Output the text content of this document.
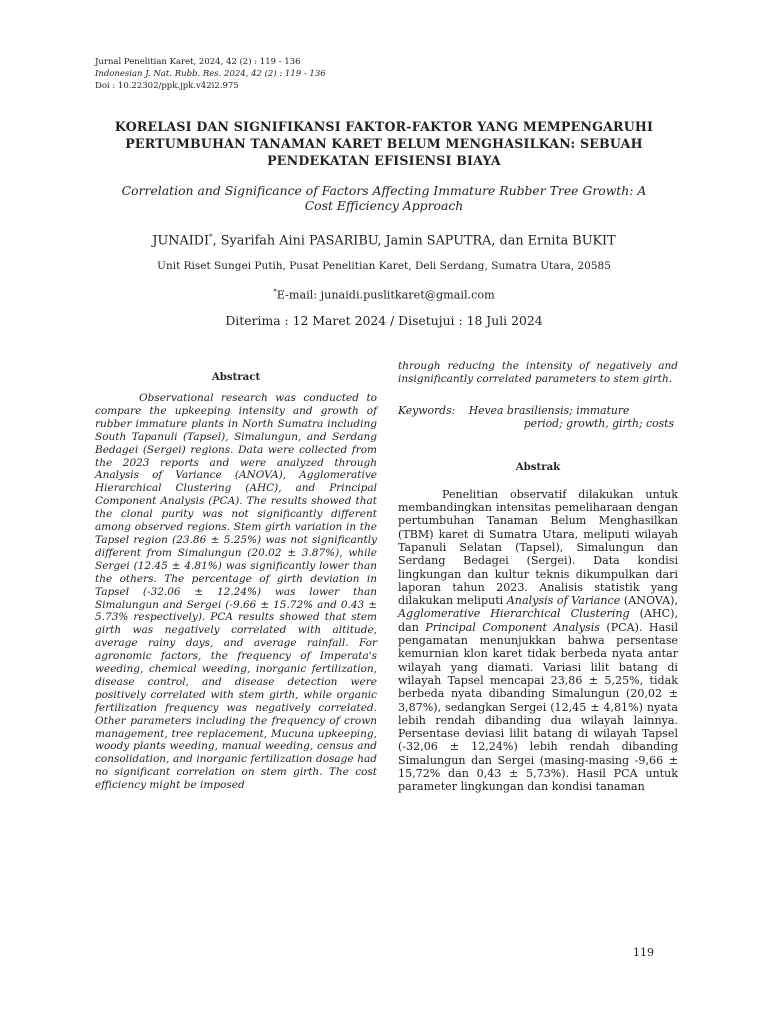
Jurnal Penelitian Karet, 2024, 42 (2) : 119 - 136
Indonesian J. Nat. Rubb. Res. 2024, 42 (2) : 119 - 136
Doi : 10.22302/ppk.jpk.v42i2.975
KORELASI DAN SIGNIFIKANSI FAKTOR-FAKTOR YANG MEMPENGARUHI PERTUMBUHAN TANAMAN KARET BELUM MENGHASILKAN: SEBUAH PENDEKATAN EFISIENSI BIAYA
Correlation and Significance of Factors Affecting Immature Rubber Tree Growth: A Cost Efficiency Approach
JUNAIDI*, Syarifah Aini PASARIBU, Jamin SAPUTRA, dan Ernita BUKIT
Unit Riset Sungei Putih, Pusat Penelitian Karet, Deli Serdang, Sumatra Utara, 20585
*E-mail: junaidi.puslitkaret@gmail.com
Diterima : 12 Maret 2024 / Disetujui : 18 Juli 2024
Abstract

Observational research was conducted to compare the upkeeping intensity and growth of rubber immature plants in North Sumatra including South Tapanuli (Tapsel), Simalungun, and Serdang Bedagei (Sergei) regions. Data were collected from the 2023 reports and were analyzed through Analysis of Variance (ANOVA), Agglomerative Hierarchical Clustering (AHC), and Principal Component Analysis (PCA). The results showed that the clonal purity was not significantly different among observed regions. Stem girth variation in the Tapsel region (23.86 ± 5.25%) was not significantly different from Simalungun (20.02 ± 3.87%), while Sergei (12.45 ± 4.81%) was significantly lower than the others. The percentage of girth deviation in Tapsel (-32.06 ± 12.24%) was lower than Simalungun and Sergei (-9.66 ± 15.72% and 0.43 ± 5.73% respectively). PCA results showed that stem girth was negatively correlated with altitude, average rainy days, and average rainfall. For agronomic factors, the frequency of Imperata's weeding, chemical weeding, inorganic fertilization, disease control, and disease detection were positively correlated with stem girth, while organic fertilization frequency was negatively correlated. Other parameters including the frequency of crown management, tree replacement, Mucuna upkeeping, woody plants weeding, manual weeding, census and consolidation, and inorganic fertilization dosage had no significant correlation on stem girth. The cost efficiency might be imposed

through reducing the intensity of negatively and insignificantly correlated parameters to stem girth.

Keywords: Hevea brasiliensis; immature
period; growth, girth; costs
Abstrak

Penelitian observatif dilakukan untuk membandingkan intensitas pemeliharaan dengan pertumbuhan Tanaman Belum Menghasilkan (TBM) karet di Sumatra Utara, meliputi wilayah Tapanuli Selatan (Tapsel), Simalungun dan Serdang Bedagei (Sergei). Data kondisi lingkungan dan kultur teknis dikumpulkan dari laporan tahun 2023. Analisis statistik yang dilakukan meliputi Analysis of Variance (ANOVA), Agglomerative Hierarchical Clustering (AHC), dan Principal Component Analysis (PCA). Hasil pengamatan menunjukkan bahwa persentase kemurnian klon karet tidak berbeda nyata antar wilayah yang diamati. Variasi lilit batang di wilayah Tapsel mencapai 23,86 ± 5,25%, tidak berbeda nyata dibanding Simalungun (20,02 ± 3,87%), sedangkan Sergei (12,45 ± 4,81%) nyata lebih rendah dibanding dua wilayah lainnya. Persentase deviasi lilit batang di wilayah Tapsel (-32,06 ± 12,24%) lebih rendah dibanding Simalungun dan Sergei (masing-masing -9,66 ± 15,72% dan 0,43 ± 5,73%). Hasil PCA untuk parameter lingkungan dan kondisi tanaman

119
